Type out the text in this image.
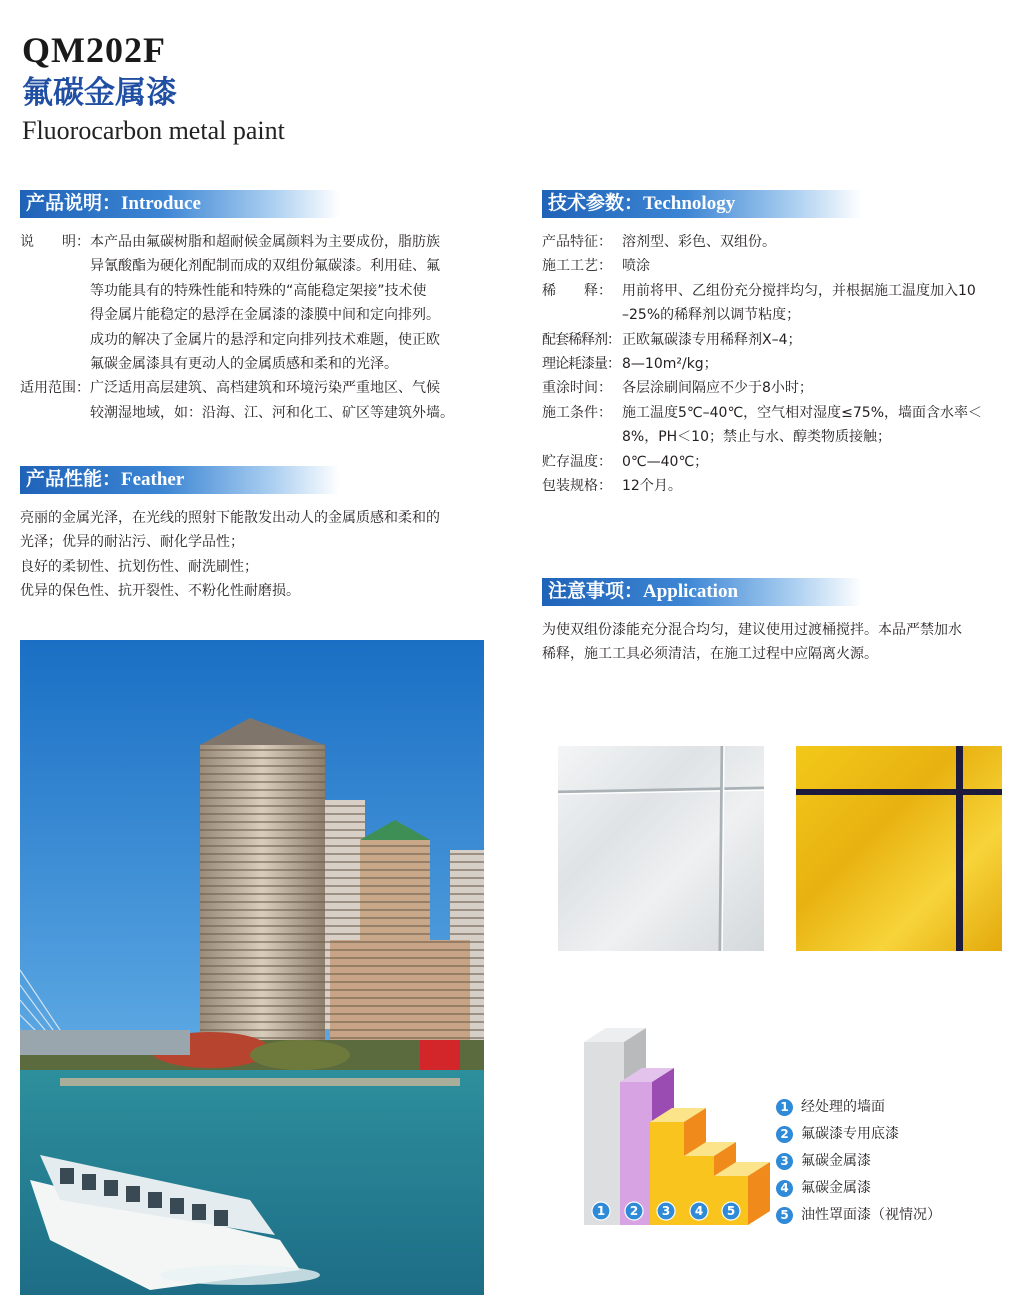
QM202F
氟碳金属漆
Fluorocarbon metal paint
产品说明：Introduce
说　　明： 本产品由氟碳树脂和超耐候金属颜料为主要成份，脂肪族
异氰酸酯为硬化剂配制而成的双组份氟碳漆。利用硅、氟
等功能具有的特殊性能和特殊的“高能稳定架接”技术使
得金属片能稳定的悬浮在金属漆的漆膜中间和定向排列。
成功的解决了金属片的悬浮和定向排列技术难题，使正欧
氟碳金属漆具有更动人的金属质感和柔和的光泽。
适用范围： 广泛适用高层建筑、高档建筑和环境污染严重地区、气候
较潮湿地域，如：沿海、江、河和化工、矿区等建筑外墙。
产品性能：Feather
亮丽的金属光泽，在光线的照射下能散发出动人的金属质感和柔和的
光泽；优异的耐沾污、耐化学品性；
良好的柔韧性、抗划伤性、耐洗刷性；
优异的保色性、抗开裂性、不粉化性耐磨损。
技术参数：Technology
产品特征： 溶剂型、彩色、双组份。
施工工艺： 喷涂
稀　　释： 用前将甲、乙组份充分搅拌均匀，并根据施工温度加入10
–25%的稀释剂以调节粘度；
配套稀释剂： 正欧氟碳漆专用稀释剂X–4；
理论耗漆量： 8—10m²/kg；
重涂时间： 各层涂刷间隔应不少于8小时；
施工条件： 施工温度5℃–40℃，空气相对湿度≤75%，墙面含水率＜
8%，PH＜10；禁止与水、醇类物质接触；
贮存温度： 0℃—40℃；
包装规格： 12个月。
注意事项：Application
为使双组份漆能充分混合均匀，建议使用过渡桶搅拌。本品严禁加水
稀释，施工工具必须清洁，在施工过程中应隔离火源。
1 2 3 4 5
1 经处理的墙面
2 氟碳漆专用底漆
3 氟碳金属漆
4 氟碳金属漆
5 油性罩面漆（视情况）
